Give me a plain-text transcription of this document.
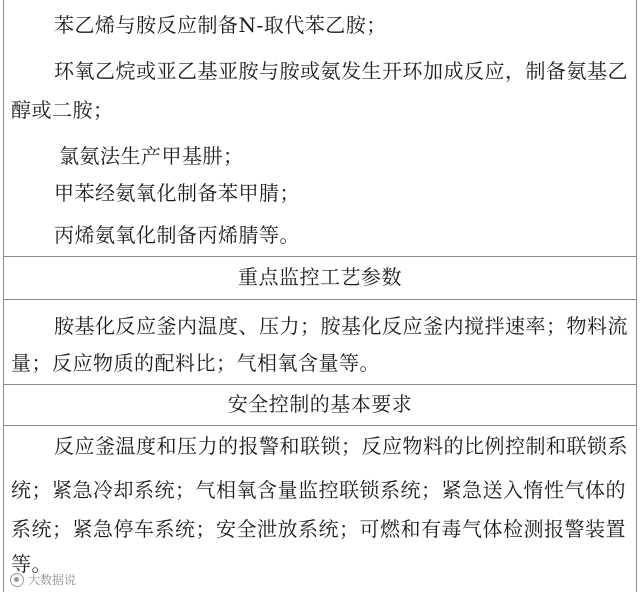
苯乙烯与胺反应制备N-取代苯乙胺；
环氧乙烷或亚乙基亚胺与胺或氨发生开环加成反应，制备氨基乙
醇或二胺；
氯氨法生产甲基肼；
甲苯经氨氧化制备苯甲腈；
丙烯氨氧化制备丙烯腈等。
重点监控工艺参数
胺基化反应釜内温度、压力；胺基化反应釜内搅拌速率；物料流
量；反应物质的配料比；气相氧含量等。
安全控制的基本要求
反应釜温度和压力的报警和联锁；反应物料的比例控制和联锁系
统；紧急冷却系统；气相氧含量监控联锁系统；紧急送入惰性气体的
系统；紧急停车系统；安全泄放系统；可燃和有毒气体检测报警装置
等。
大数据说
